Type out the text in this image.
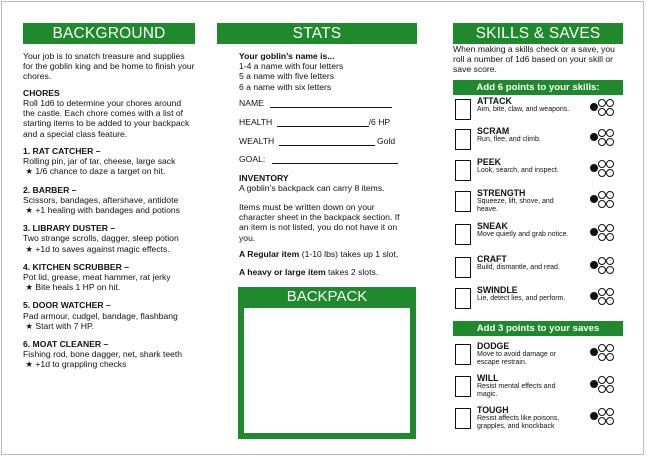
BACKGROUND
Your job is to snatch treasure and supplies for the goblin king and be home to finish your chores.
CHORES
Roll 1d6 to determine your chores around the castle. Each chore comes with a list of starting items to be added to your backpack and a special class feature.
1. RAT CATCHER –
Rolling pin, jar of tar, cheese, large sack
★ 1/6 chance to daze a target on hit.
2. BARBER –
Scissors, bandages, aftershave, antidote
★ +1 healing with bandages and potions
3. LIBRARY DUSTER –
Two strange scrolls, dagger, sleep potion
★ +1d to saves against magic effects.
4. KITCHEN SCRUBBER –
Pot lid, grease, meat hammer, rat jerky
★ Bite heals 1 HP on hit.
5. DOOR WATCHER –
Pad armour, cudgel, bandage, flashbang
★ Start with 7 HP.
6. MOAT CLEANER –
Fishing rod, bone dagger, net, shark teeth
★ +1d to grappling checks
STATS
Your goblin’s name is...
1-4 a name with four letters
5 a name with five letters
6 a name with six letters
NAME
HEALTH	/6 HP
WEALTH	Gold
GOAL:
INVENTORY
A goblin’s backpack can carry 8 items.
Items must be written down on your character sheet in the backpack section. If an item is not listed, you do not have it on you.
A Regular item (1-10 lbs) takes up 1 slot,
A heavy or large item takes 2 slots.
BACKPACK
SKILLS & SAVES
When making a skills check or a save, you roll a number of 1d6 based on your skill or save score.
Add 6 points to your skills:
ATTACK
Aim, bite, claw, and weapons.
SCRAM
Run, flee, and climb.
PEEK
Look, search, and inspect.
STRENGTH
Squeeze, lift, shove, and heave.
SNEAK
Move quietly and grab notice.
CRAFT
Build, dismantle, and read.
SWINDLE
Lie, detect lies, and perform.
Add 3 points to your saves
DODGE
Move to avoid damage or escape restrain.
WILL
Resist mental effects and magic.
TOUGH
Resist affects like poisons, grapples, and knockback
